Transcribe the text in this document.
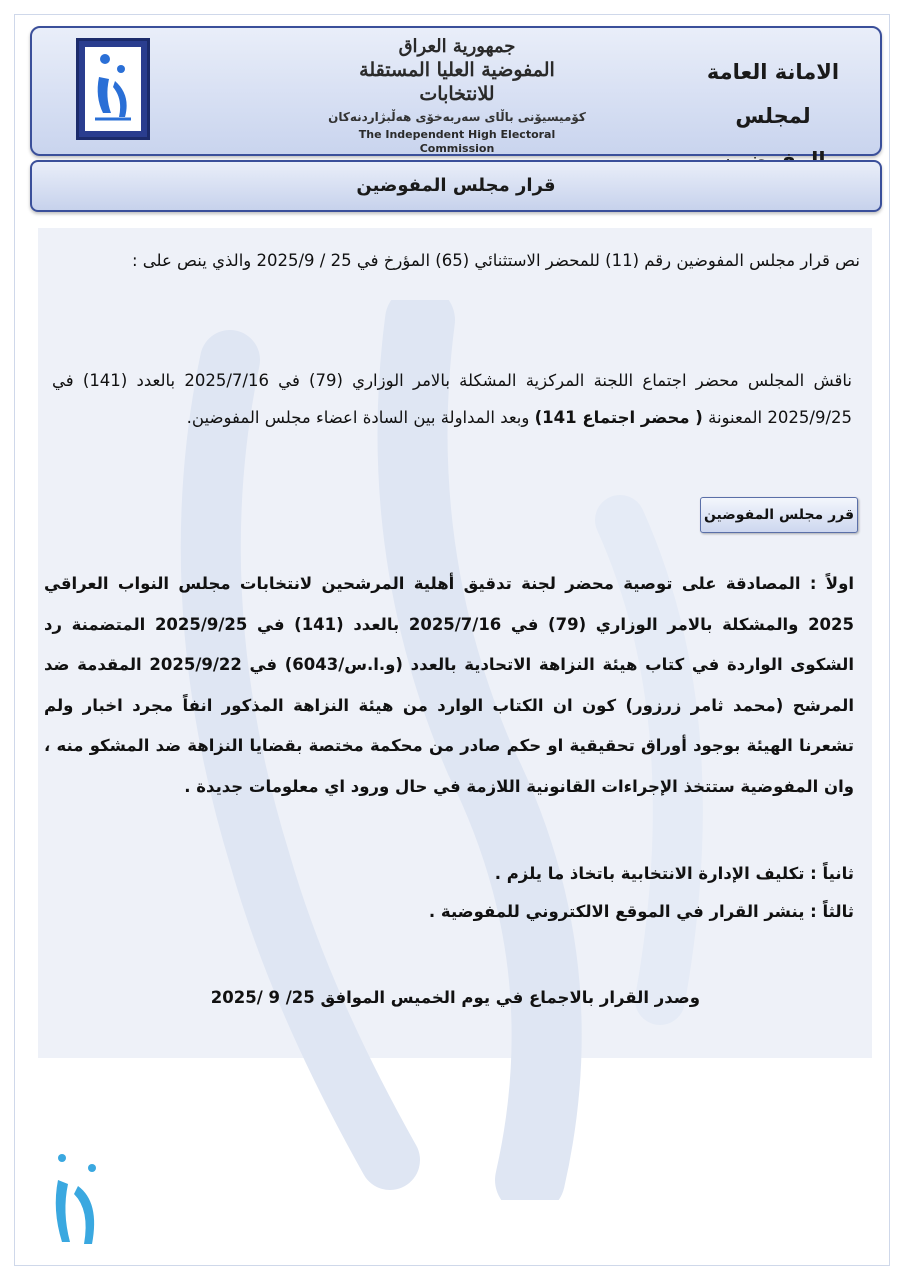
جمهورية العراق
المفوضية العليا المستقلة للانتخابات
كۆمیسیۆنی باڵای سەربەخۆی هەڵبژاردنەکان
The Independent High Electoral Commission
الامانة العامة
لمجلس
قرار مجلس المفوضين
نص قرار مجلس المفوضين رقم (11) للمحضر الاستثنائي (65) المؤرخ في 25 / 2025/9 والذي ينص على :
ناقش المجلس محضر اجتماع اللجنة المركزية المشكلة بالامر الوزاري (79) في 2025/7/16 بالعدد (141) في 2025/9/25 المعنونة ( محضر اجتماع 141) وبعد المداولة بين السادة اعضاء مجلس المفوضين.
قرر مجلس المفوضين
اولاً : المصادقة على توصية محضر لجنة تدقيق أهلية المرشحين لانتخابات مجلس النواب العراقي 2025 والمشكلة بالامر الوزاري (79) في 2025/7/16 بالعدد (141) في 2025/9/25 المتضمنة رد الشكوى الواردة في كتاب هيئة النزاهة الاتحادية بالعدد (و.ا.س/6043) في 2025/9/22 المقدمة ضد المرشح (محمد ثامر زرزور) كون ان الكتاب الوارد من هيئة النزاهة المذكور انفاً مجرد اخبار ولم تشعرنا الهيئة بوجود أوراق تحقيقية او حكم صادر من محكمة مختصة بقضايا النزاهة ضد المشكو منه ، وان المفوضية ستتخذ الإجراءات القانونية اللازمة في حال ورود اي معلومات جديدة .
ثانياً : تكليف الإدارة الانتخابية باتخاذ ما يلزم .
ثالثاً : ينشر القرار في الموقع الالكتروني للمفوضية .
وصدر القرار بالاجماع في يوم الخميس الموافق 25/ 9 /2025
